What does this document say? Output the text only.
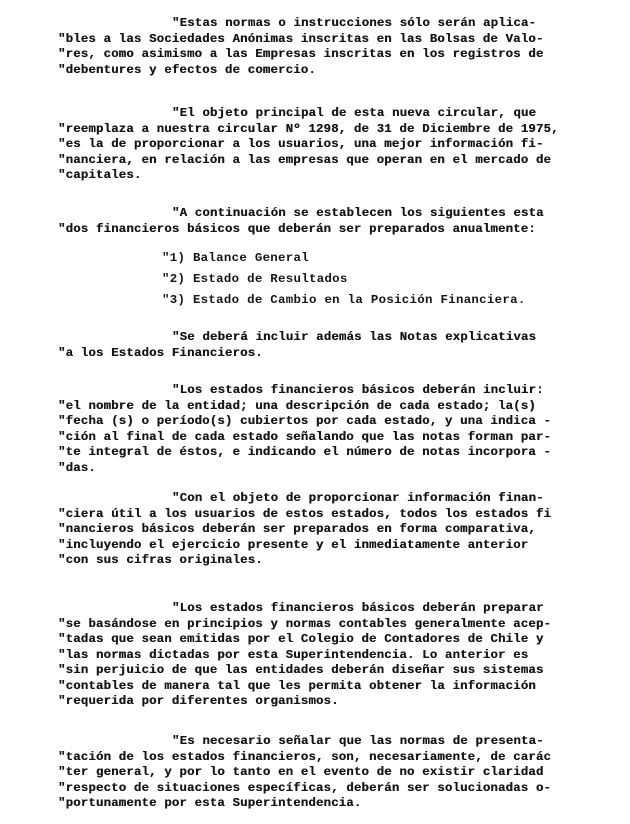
"Estas normas o instrucciones sólo serán aplica-
"bles a las Sociedades Anónimas inscritas en las Bolsas de Valo-
"res, como asimismo a las Empresas inscritas en los registros de
"debentures y efectos de comercio.
"El objeto principal de esta nueva circular, que
"reemplaza a nuestra circular Nº 1298, de 31 de Diciembre de 1975,
"es la de proporcionar a los usuarios, una mejor información fi-
"nanciera, en relación a las empresas que operan en el mercado de
"capitales.
"A continuación se establecen los siguientes esta
"dos financieros básicos que deberán ser preparados anualmente:
"1) Balance General
"2) Estado de Resultados
"3) Estado de Cambio en la Posición Financiera.
"Se deberá incluir además las Notas explicativas
"a los Estados Financieros.
"Los estados financieros básicos deberán incluir:
"el nombre de la entidad; una descripción de cada estado; la(s)
"fecha (s) o período(s) cubiertos por cada estado, y una indica -
"ción al final de cada estado señalando que las notas forman par-
"te integral de éstos, e indicando el número de notas incorpora -
"das.
"Con el objeto de proporcionar información finan-
"ciera útil a los usuarios de estos estados, todos los estados fi
"nancieros básicos deberán ser preparados en forma comparativa,
"incluyendo el ejercicio presente y el inmediatamente anterior
"con sus cifras originales.
"Los estados financieros básicos deberán preparar
"se basándose en principios y normas contables generalmente acep-
"tadas que sean emitidas por el Colegio de Contadores de Chile y
"las normas dictadas por esta Superintendencia. Lo anterior es
"sin perjuicio de que las entidades deberán diseñar sus sistemas
"contables de manera tal que les permita obtener la información
"requerida por diferentes organismos.
"Es necesario señalar que las normas de presenta-
"tación de los estados financieros, son, necesariamente, de carác
"ter general, y por lo tanto en el evento de no existir claridad
"respecto de situaciones específicas, deberán ser solucionadas o-
"portunamente por esta Superintendencia.
